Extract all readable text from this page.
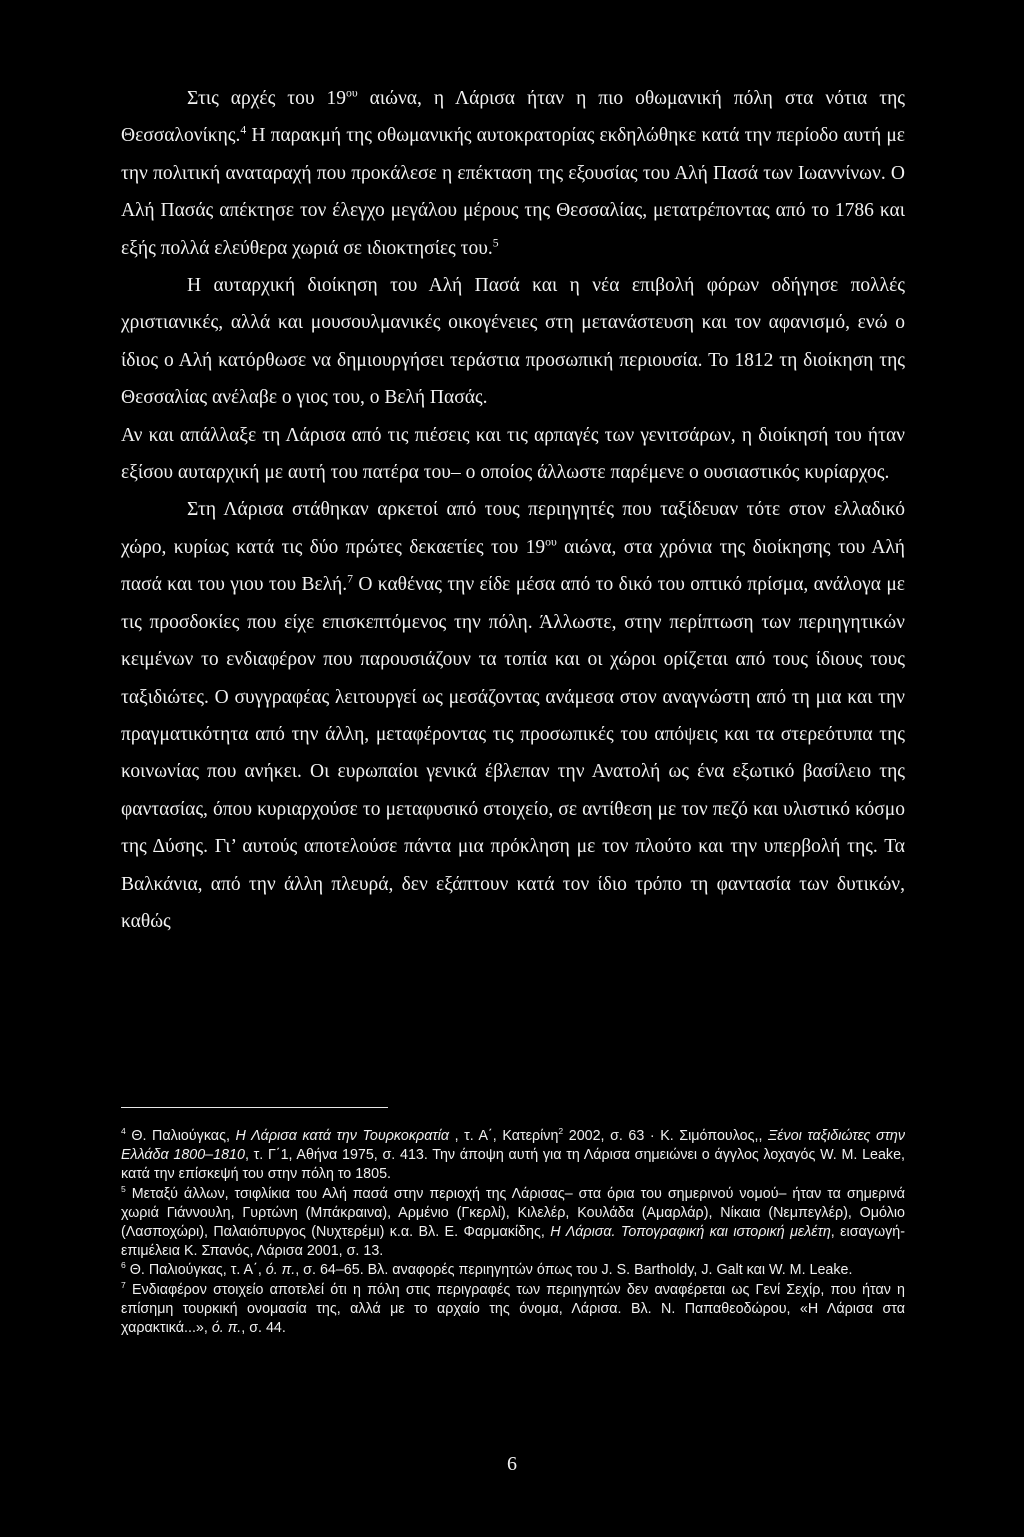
Στις αρχές του $19^{o\upsilon}$ αιώνα, η Λάρισα ήταν η πιο οθωμανική πόλη στα νότια της Θεσσαλονίκης.$^4$ Η παρακμή της οθωμανικής αυτοκρατορίας εκδηλώθηκε κατά την περίοδο αυτή με την πολιτική αναταραχή που προκάλεσε η επέκταση της εξουσίας του Αλή Πασά των Ιωαννίνων. Ο Αλή Πασάς απέκτησε τον έλεγχο μεγάλου μέρους της Θεσσαλίας, μετατρέποντας από το 1786 και εξής πολλά ελεύθερα χωριά σε ιδιοκτησίες του.$^5$

Η αυταρχική διοίκηση του Αλή Πασά και η νέα επιβολή φόρων οδήγησε πολλές χριστιανικές, αλλά και μουσουλμανικές οικογένειες στη μετανάστευση και τον αφανισμό, ενώ ο ίδιος ο Αλή κατόρθωσε να δημιουργήσει τεράστια προσωπική περιουσία. Το 1812 τη διοίκηση της Θεσσαλίας ανέλαβε ο γιος του, ο Βελή Πασάς.

Αν και απάλλαξε τη Λάρισα από τις πιέσεις και τις αρπαγές των γενιτσάρων, η διοίκησή του ήταν εξίσου αυταρχική με αυτή του πατέρα του– ο οποίος άλλωστε παρέμενε ο ουσιαστικός κυρίαρχος.

Στη Λάρισα στάθηκαν αρκετοί από τους περιηγητές που ταξίδευαν τότε στον ελλαδικό χώρο, κυρίως κατά τις δύο πρώτες δεκαετίες του $19^{o\upsilon}$ αιώνα, στα χρόνια της διοίκησης του Αλή πασά και του γιου του Βελή.$^7$ Ο καθένας την είδε μέσα από το δικό του οπτικό πρίσμα, ανάλογα με τις προσδοκίες που είχε επισκεπτόμενος την πόλη. Άλλωστε, στην περίπτωση των περιηγητικών κειμένων το ενδιαφέρον που παρουσιάζουν τα τοπία και οι χώροι ορίζεται από τους ίδιους τους ταξιδιώτες. Ο συγγραφέας λειτουργεί ως μεσάζοντας ανάμεσα στον αναγνώστη από τη μια και την πραγματικότητα από την άλλη, μεταφέροντας τις προσωπικές του απόψεις και τα στερεότυπα της κοινωνίας που ανήκει. Οι ευρωπαίοι γενικά έβλεπαν την Ανατολή ως ένα εξωτικό βασίλειο της φαντασίας, όπου κυριαρχούσε το μεταφυσικό στοιχείο, σε αντίθεση με τον πεζό και υλιστικό κόσμο της Δύσης. Γι’ αυτούς αποτελούσε πάντα μια πρόκληση με τον πλούτο και την υπερβολή της. Τα Βαλκάνια, από την άλλη πλευρά, δεν εξάπτουν κατά τον ίδιο τρόπο τη φαντασία των δυτικών, καθώς

$^4$ Θ. Παλιούγκας, Η Λάρισα κατά την Τουρκοκρατία , τ. Α΄, Κατερίνη$^2$ 2002, σ. 63 · Κ. Σιμόπουλος,, Ξένοι ταξιδιώτες στην Ελλάδα 1800–1810, τ. Γ΄1, Αθήνα 1975, σ. 413. Την άποψη αυτή για τη Λάρισα σημειώνει ο άγγλος λοχαγός W. M. Leake, κατά την επίσκεψή του στην πόλη το 1805.

$^5$ Μεταξύ άλλων, τσιφλίκια του Αλή πασά στην περιοχή της Λάρισας– στα όρια του σημερινού νομού– ήταν τα σημερινά χωριά Γιάννουλη, Γυρτώνη (Μπάκραινα), Αρμένιο (Γκερλί), Κιλελέρ, Κουλάδα (Αμαρλάρ), Νίκαια (Νεμπεγλέρ), Ομόλιο (Λασποχώρι), Παλαιόπυργος (Νυχτερέμι) κ.α. Βλ. Ε. Φαρμακίδης, Η Λάρισα. Τοπογραφική και ιστορική μελέτη, εισαγωγή- επιμέλεια Κ. Σπανός, Λάρισα 2001, σ. 13.

$^6$ Θ. Παλιούγκας, τ. Α΄, ό. π., σ. 64–65. Βλ. αναφορές περιηγητών όπως του J. S. Bartholdy, J. Galt και W. M. Leake.

$^7$ Ενδιαφέρον στοιχείο αποτελεί ότι η πόλη στις περιγραφές των περιηγητών δεν αναφέρεται ως Γενί Σεχίρ, που ήταν η επίσημη τουρκική ονομασία της, αλλά με το αρχαίο της όνομα, Λάρισα. Βλ. Ν. Παπαθεοδώρου, «Η Λάρισα στα χαρακτικά...», ό. π., σ. 44.

6
